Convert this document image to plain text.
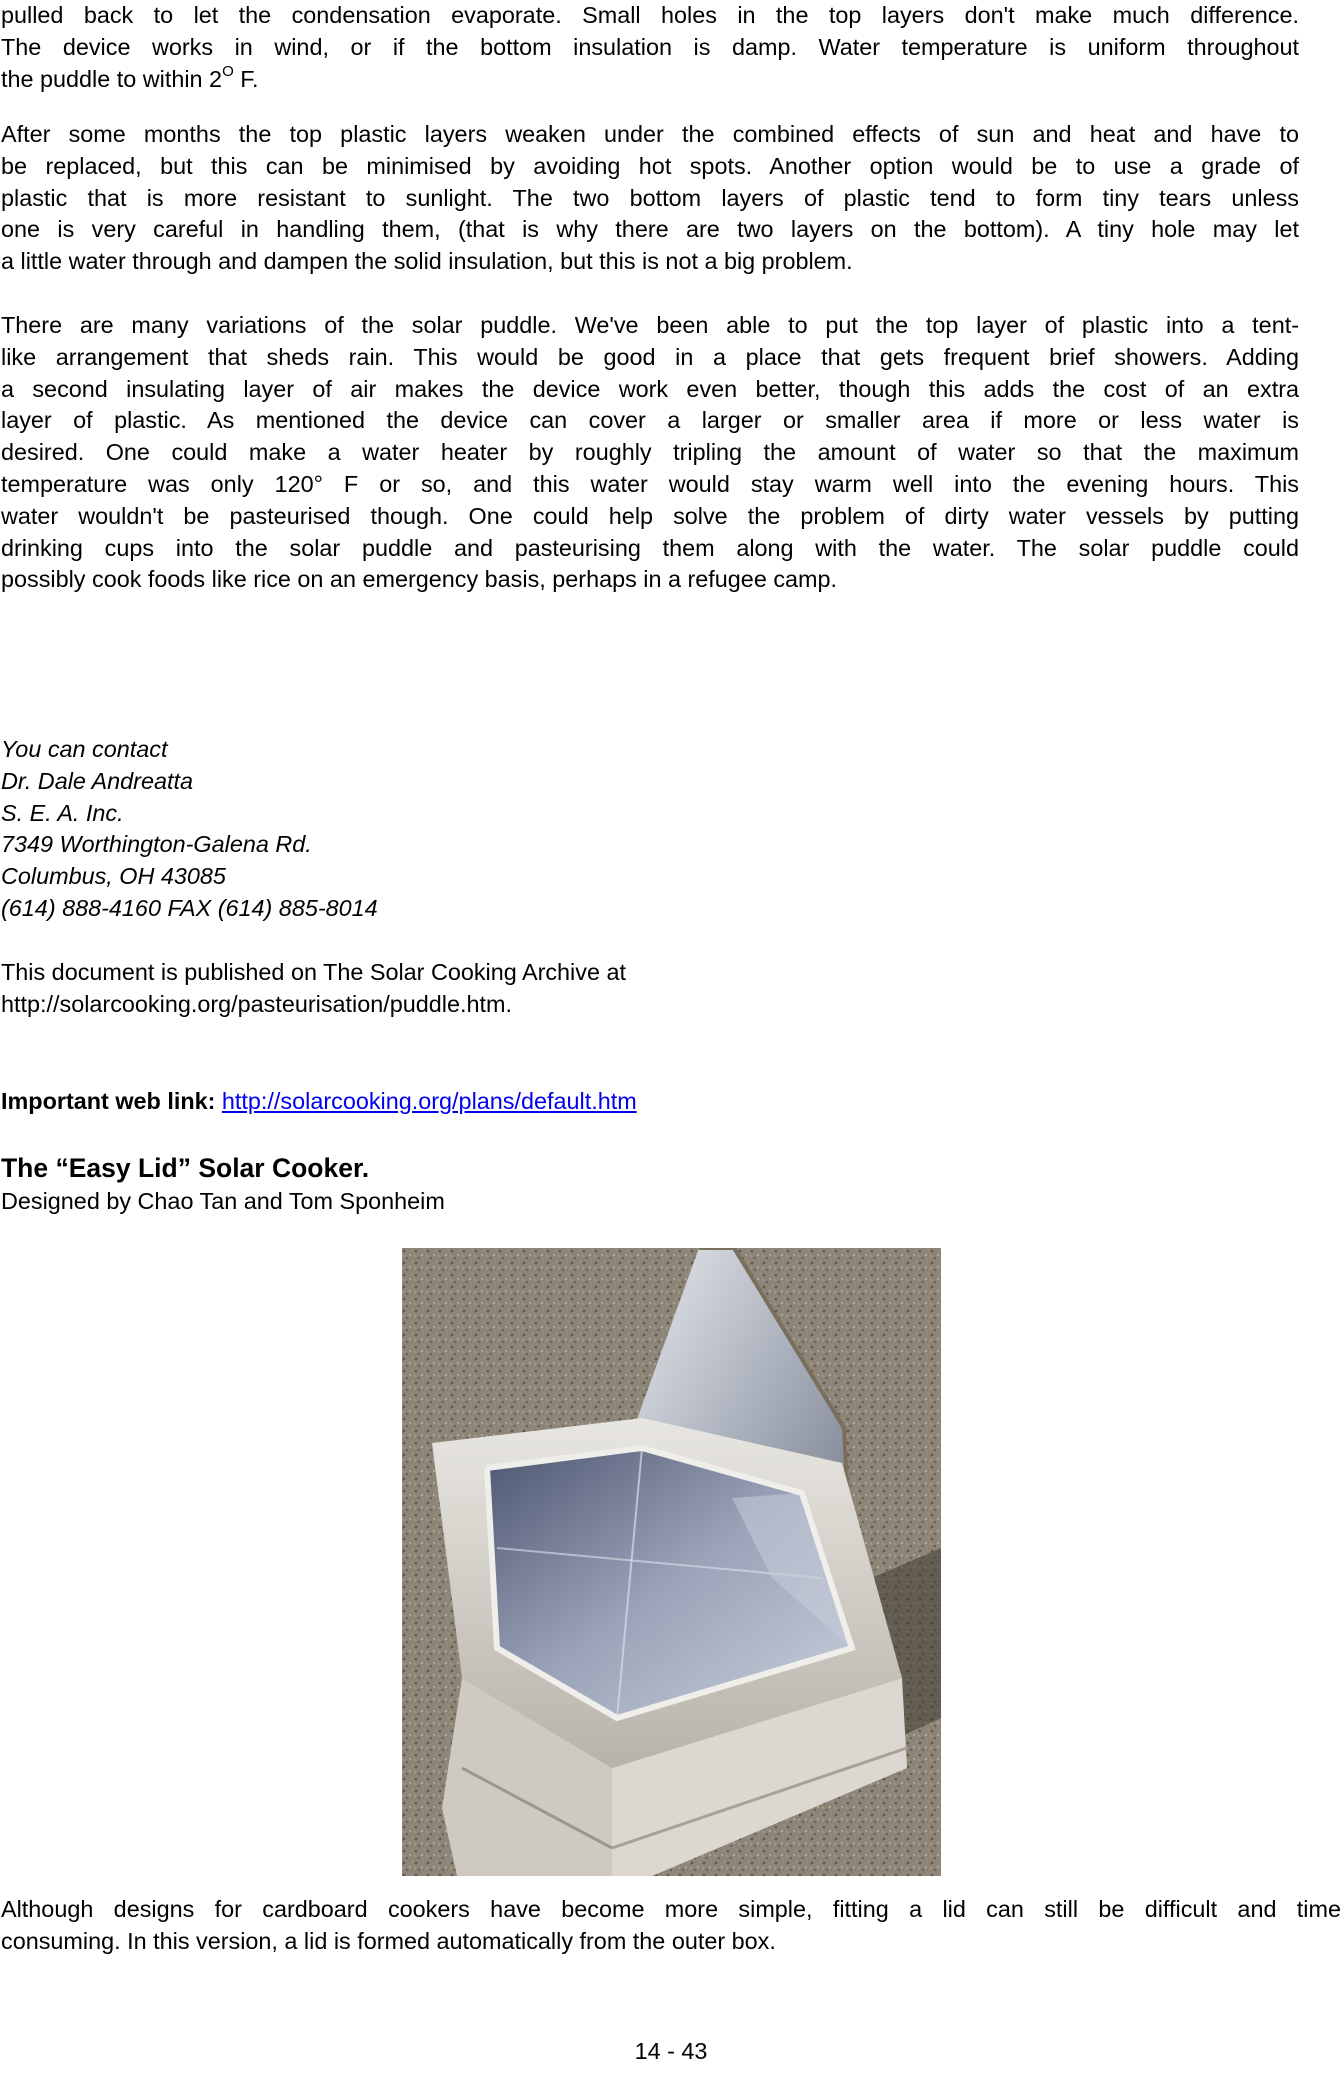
pulled back to let the condensation evaporate. Small holes in the top layers don't make much difference.
The device works in wind, or if the bottom insulation is damp. Water temperature is uniform throughout
the puddle to within $2^O$ F.
After some months the top plastic layers weaken under the combined effects of sun and heat and have to
be replaced, but this can be minimised by avoiding hot spots. Another option would be to use a grade of
plastic that is more resistant to sunlight. The two bottom layers of plastic tend to form tiny tears unless
one is very careful in handling them, (that is why there are two layers on the bottom). A tiny hole may let
a little water through and dampen the solid insulation, but this is not a big problem.
There are many variations of the solar puddle. We've been able to put the top layer of plastic into a tent-
like arrangement that sheds rain. This would be good in a place that gets frequent brief showers. Adding
a second insulating layer of air makes the device work even better, though this adds the cost of an extra
layer of plastic. As mentioned the device can cover a larger or smaller area if more or less water is
desired. One could make a water heater by roughly tripling the amount of water so that the maximum
temperature was only 120° F or so, and this water would stay warm well into the evening hours. This
water wouldn't be pasteurised though. One could help solve the problem of dirty water vessels by putting
drinking cups into the solar puddle and pasteurising them along with the water. The solar puddle could
possibly cook foods like rice on an emergency basis, perhaps in a refugee camp.
You can contact
Dr. Dale Andreatta
S. E. A. Inc.
7349 Worthington-Galena Rd.
Columbus, OH 43085
(614) 888-4160 FAX (614) 885-8014
This document is published on The Solar Cooking Archive at
http://solarcooking.org/pasteurisation/puddle.htm.
Important web link: http://solarcooking.org/plans/default.htm
The “Easy Lid” Solar Cooker.
Designed by Chao Tan and Tom Sponheim
Although designs for cardboard cookers have become more simple, fitting a lid can still be difficult and time
consuming. In this version, a lid is formed automatically from the outer box.
14 - 43
